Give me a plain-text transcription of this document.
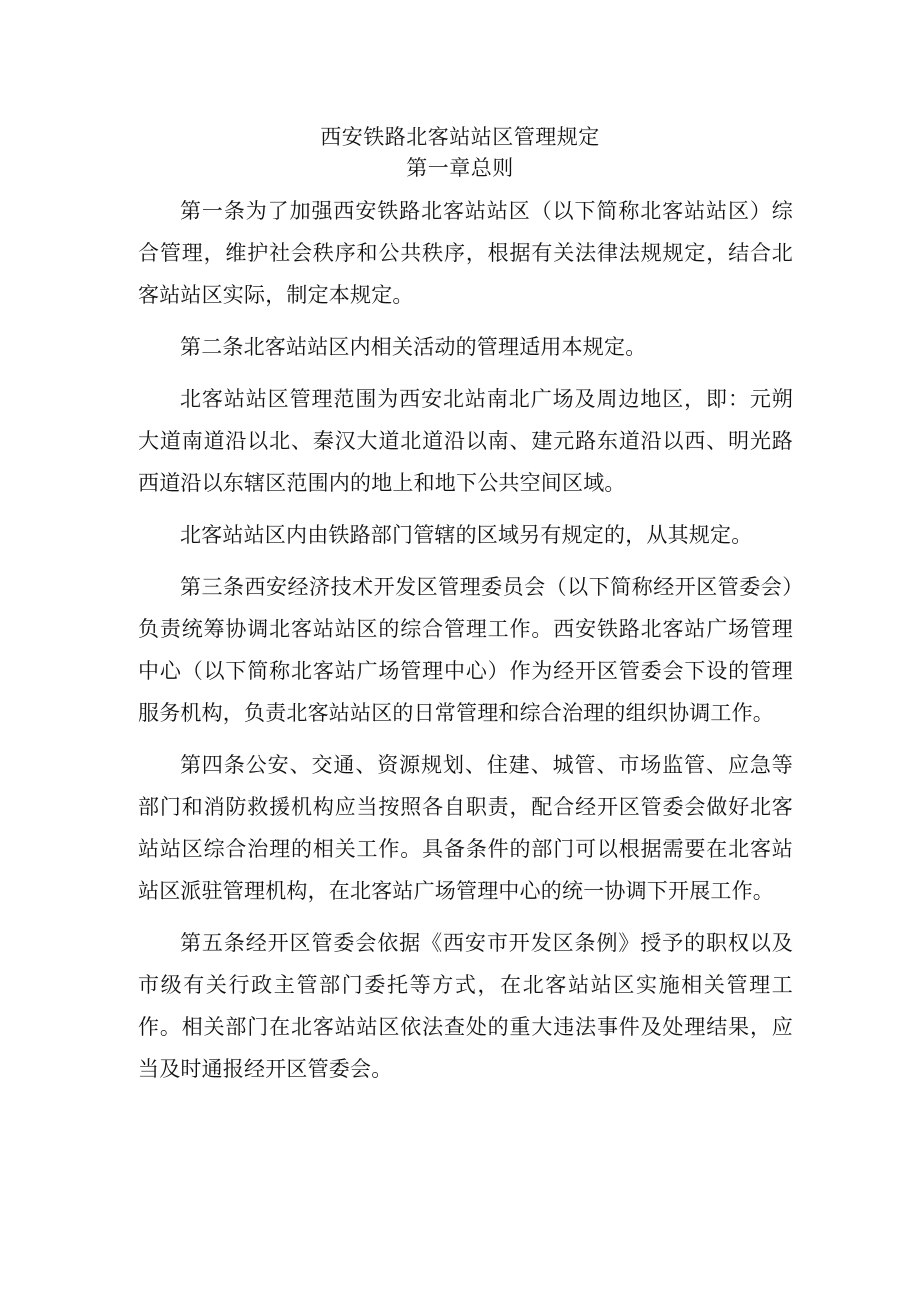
西安铁路北客站站区管理规定
第一章总则

第一条为了加强西安铁路北客站站区（以下简称北客站站区）综合管理，维护社会秩序和公共秩序，根据有关法律法规规定，结合北客站站区实际，制定本规定。

第二条北客站站区内相关活动的管理适用本规定。

北客站站区管理范围为西安北站南北广场及周边地区，即：元朔大道南道沿以北、秦汉大道北道沿以南、建元路东道沿以西、明光路西道沿以东辖区范围内的地上和地下公共空间区域。

北客站站区内由铁路部门管辖的区域另有规定的，从其规定。

第三条西安经济技术开发区管理委员会（以下简称经开区管委会）负责统筹协调北客站站区的综合管理工作。西安铁路北客站广场管理中心（以下简称北客站广场管理中心）作为经开区管委会下设的管理服务机构，负责北客站站区的日常管理和综合治理的组织协调工作。

第四条公安、交通、资源规划、住建、城管、市场监管、应急等部门和消防救援机构应当按照各自职责，配合经开区管委会做好北客站站区综合治理的相关工作。具备条件的部门可以根据需要在北客站站区派驻管理机构，在北客站广场管理中心的统一协调下开展工作。

第五条经开区管委会依据《西安市开发区条例》授予的职权以及市级有关行政主管部门委托等方式，在北客站站区实施相关管理工作。相关部门在北客站站区依法查处的重大违法事件及处理结果，应当及时通报经开区管委会。
